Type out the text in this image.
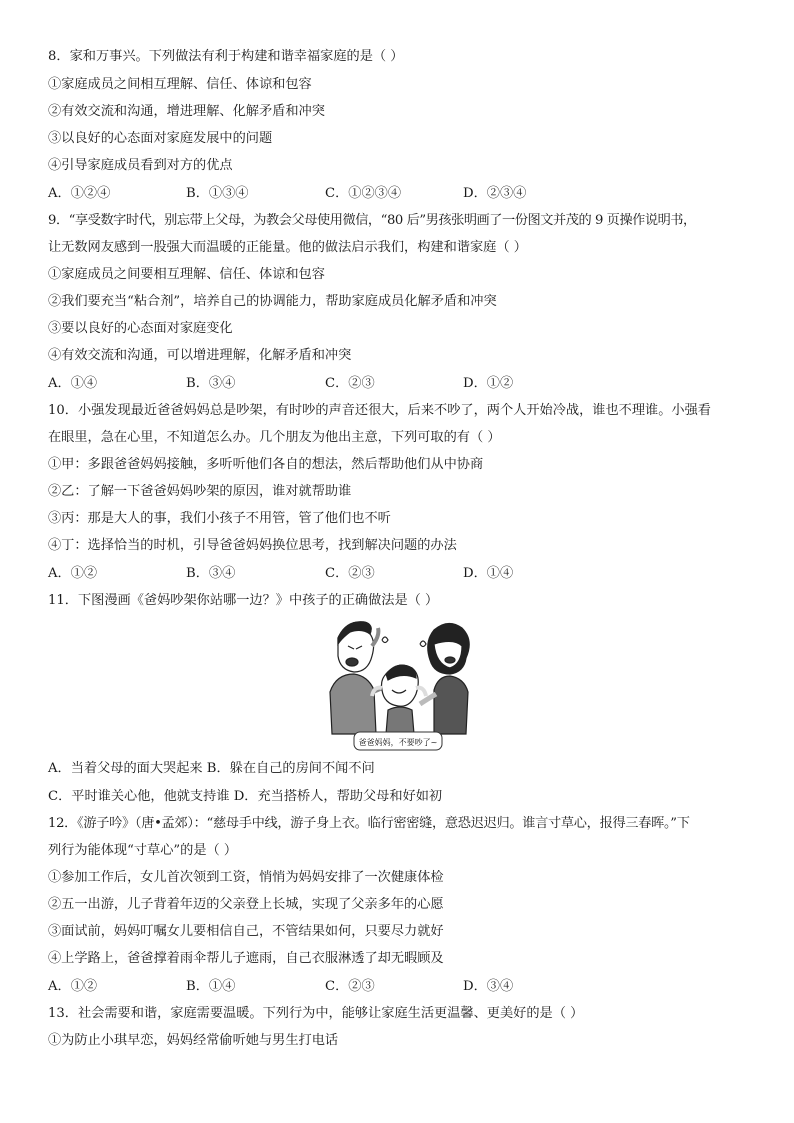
8．家和万事兴。下列做法有利于构建和谐幸福家庭的是（ ）
①家庭成员之间相互理解、信任、体谅和包容
②有效交流和沟通，增进理解、化解矛盾和冲突
③以良好的心态面对家庭发展中的问题
④引导家庭成员看到对方的优点
A．①②④	B．①③④	C．①②③④	D．②③④
9．“享受数字时代，别忘带上父母，为教会父母使用微信，“80 后”男孩张明画了一份图文并茂的 9 页操作说明书，
让无数网友感到一股强大而温暖的正能量。他的做法启示我们，构建和谐家庭（ ）
①家庭成员之间要相互理解、信任、体谅和包容
②我们要充当“粘合剂”，培养自己的协调能力，帮助家庭成员化解矛盾和冲突
③要以良好的心态面对家庭变化
④有效交流和沟通，可以增进理解，化解矛盾和冲突
A．①④	B．③④	C．②③	D．①②
10．小强发现最近爸爸妈妈总是吵架，有时吵的声音还很大，后来不吵了，两个人开始冷战，谁也不理谁。小强看
在眼里，急在心里，不知道怎么办。几个朋友为他出主意，下列可取的有（ ）
①甲：多跟爸爸妈妈接触，多听听他们各自的想法，然后帮助他们从中协商
②乙：了解一下爸爸妈妈吵架的原因，谁对就帮助谁
③丙：那是大人的事，我们小孩子不用管，管了他们也不听
④丁：选择恰当的时机，引导爸爸妈妈换位思考，找到解决问题的办法
A．①②	B．③④	C．②③	D．①④
11．下图漫画《爸妈吵架你站哪一边？》中孩子的正确做法是（ ）
爸爸妈妈，不要吵了~
A．当着父母的面大哭起来 B．躲在自己的房间不闻不问
C．平时谁关心他，他就支持谁 D．充当搭桥人，帮助父母和好如初
12．《游子吟》（唐•孟郊）：“慈母手中线，游子身上衣。临行密密缝，意恐迟迟归。谁言寸草心，报得三春晖。”下
列行为能体现“寸草心”的是（ ）
①参加工作后，女儿首次领到工资，悄悄为妈妈安排了一次健康体检
②五一出游，儿子背着年迈的父亲登上长城，实现了父亲多年的心愿
③面试前，妈妈叮嘱女儿要相信自己，不管结果如何，只要尽力就好
④上学路上，爸爸撑着雨伞帮儿子遮雨，自己衣服淋透了却无暇顾及
A．①②	B．①④	C．②③	D．③④
13．社会需要和谐，家庭需要温暖。下列行为中，能够让家庭生活更温馨、更美好的是（ ）
①为防止小琪早恋，妈妈经常偷听她与男生打电话
